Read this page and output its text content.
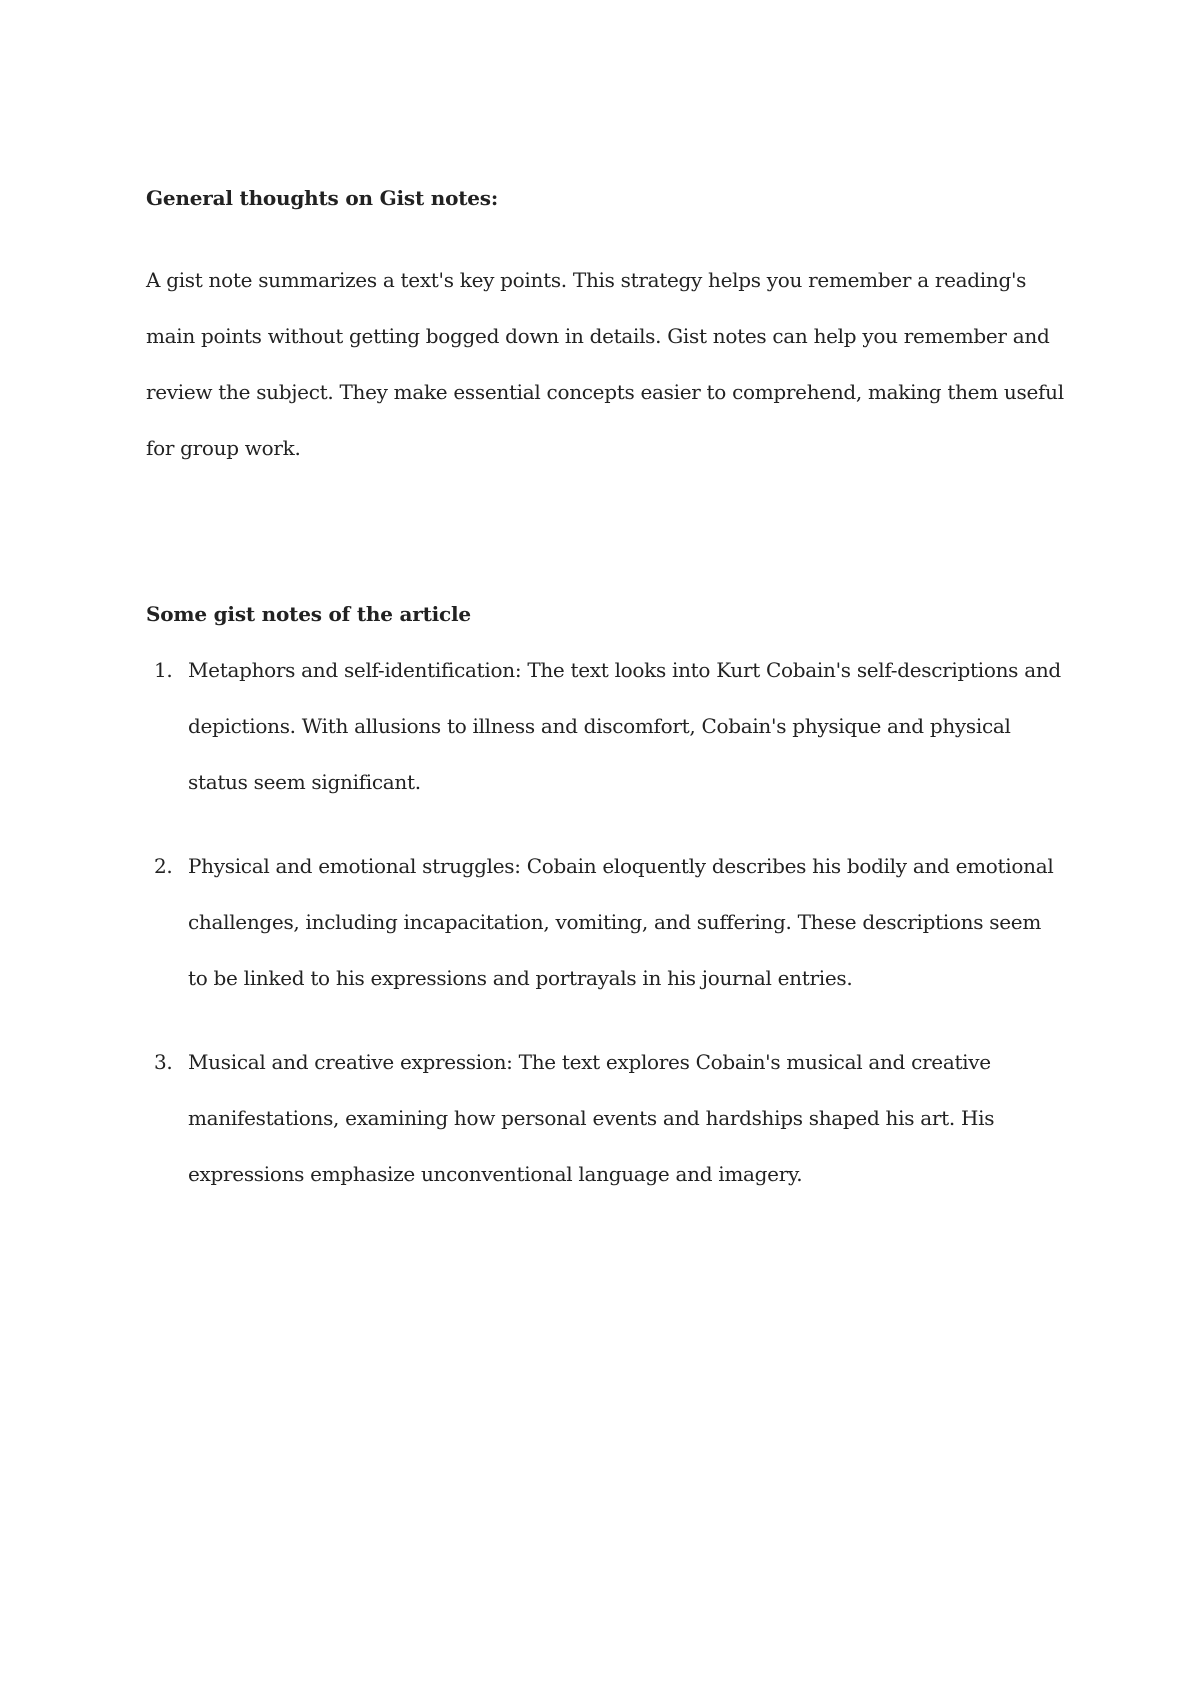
General thoughts on Gist notes:

A gist note summarizes a text's key points. This strategy helps you remember a reading's main points without getting bogged down in details. Gist notes can help you remember and review the subject. They make essential concepts easier to comprehend, making them useful for group work.

Some gist notes of the article
1. Metaphors and self-identification: The text looks into Kurt Cobain's self-descriptions and depictions. With allusions to illness and discomfort, Cobain's physique and physical status seem significant.
2. Physical and emotional struggles: Cobain eloquently describes his bodily and emotional challenges, including incapacitation, vomiting, and suffering. These descriptions seem to be linked to his expressions and portrayals in his journal entries.
3. Musical and creative expression: The text explores Cobain's musical and creative manifestations, examining how personal events and hardships shaped his art. His expressions emphasize unconventional language and imagery.
